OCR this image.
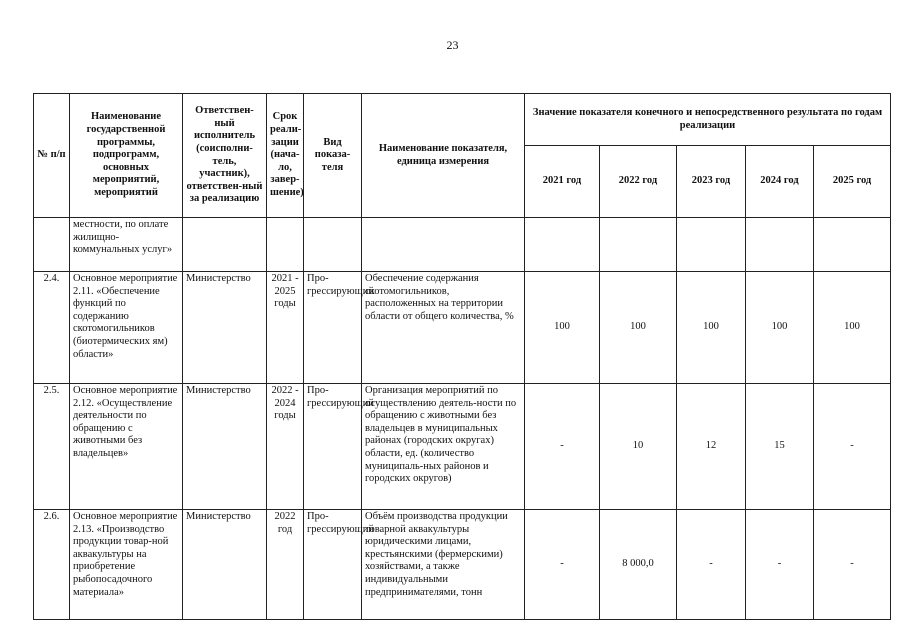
23
№ п/п	Наименование государственной программы, подпрограмм, основных мероприятий, мероприятий	Ответствен-ный исполнитель (соисполни-тель, участник), ответствен-ный за реализацию	Срок реали-зации (нача-ло, завер-шение)	Вид показа-теля	Наименование показателя, единица измерения	Значение показателя конечного и непосредственного результата по годам реализации				
						2021 год	2022 год	2023 год	2024 год	2025 год
	местности, по оплате жилищно-коммунальных услуг»									
2.4.	Основное мероприятие 2.11. «Обеспечение функций по содержанию скотомогильников (биотермических ям) области»	Министерство	2021 - 2025 годы	Про-грессирующий	Обеспечение содержания скотомогильников, расположенных на территории области от общего количества, %	100	100	100	100	100
2.5.	Основное мероприятие 2.12. «Осуществление деятельности по обращению с животными без владельцев»	Министерство	2022 - 2024 годы	Про-грессирующий	Организация мероприятий по осуществлению деятель-ности по обращению с животными без владельцев в муниципальных районах (городских округах) области, ед. (количество муниципаль-ных районов и городских округов)	-	10	12	15	-
2.6.	Основное мероприятие 2.13. «Производство продукции товар-ной аквакультуры на приобретение рыбопосадочного материала»	Министерство	2022 год	Про-грессирующий	Объём производства продукции товарной аквакультуры юридическими лицами, крестьянскими (фермерскими) хозяйствами, а также индивидуальными предпринимателями, тонн	-	8 000,0	-	-	-
